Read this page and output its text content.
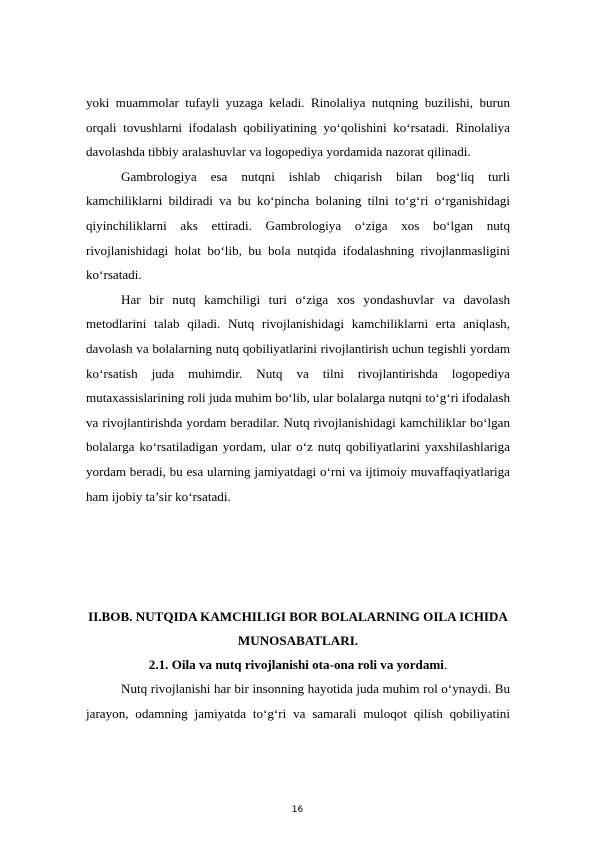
yoki muammolar tufayli yuzaga keladi. Rinolaliya nutqning buzilishi, burun orqali tovushlarni ifodalash qobiliyatining yo‘qolishini ko‘rsatadi. Rinolaliya davolashda tibbiy aralashuvlar va logopediya yordamida nazorat qilinadi.

Gambrologiya esa nutqni ishlab chiqarish bilan bog‘liq turli kamchiliklarni bildiradi va bu ko‘pincha bolaning tilni to‘g‘ri o‘rganishidagi qiyinchiliklarni aks ettiradi. Gambrologiya o‘ziga xos bo‘lgan nutq rivojlanishidagi holat bo‘lib, bu bola nutqida ifodalashning rivojlanmasligini ko‘rsatadi.

Har bir nutq kamchiligi turi o‘ziga xos yondashuvlar va davolash metodlarini talab qiladi. Nutq rivojlanishidagi kamchiliklarni erta aniqlash, davolash va bolalarning nutq qobiliyatlarini rivojlantirish uchun tegishli yordam ko‘rsatish juda muhimdir. Nutq va tilni rivojlantirishda logopediya mutaxassislarining roli juda muhim bo‘lib, ular bolalarga nutqni to‘g‘ri ifodalash va rivojlantirishda yordam beradilar. Nutq rivojlanishidagi kamchiliklar bo‘lgan bolalarga ko‘rsatiladigan yordam, ular o‘z nutq qobiliyatlarini yaxshilashlariga yordam beradi, bu esa ularning jamiyatdagi o‘rni va ijtimoiy muvaffaqiyatlariga ham ijobiy ta’sir ko‘rsatadi.

II.BOB. NUTQIDA KAMCHILIGI BOR BOLALARNING OILA ICHIDA MUNOSABATLARI.
2.1. Oila va nutq rivojlanishi ota-ona roli va yordami.

Nutq rivojlanishi har bir insonning hayotida juda muhim rol o‘ynaydi. Bu jarayon, odamning jamiyatda to‘g‘ri va samarali muloqot qilish qobiliyatini

16
